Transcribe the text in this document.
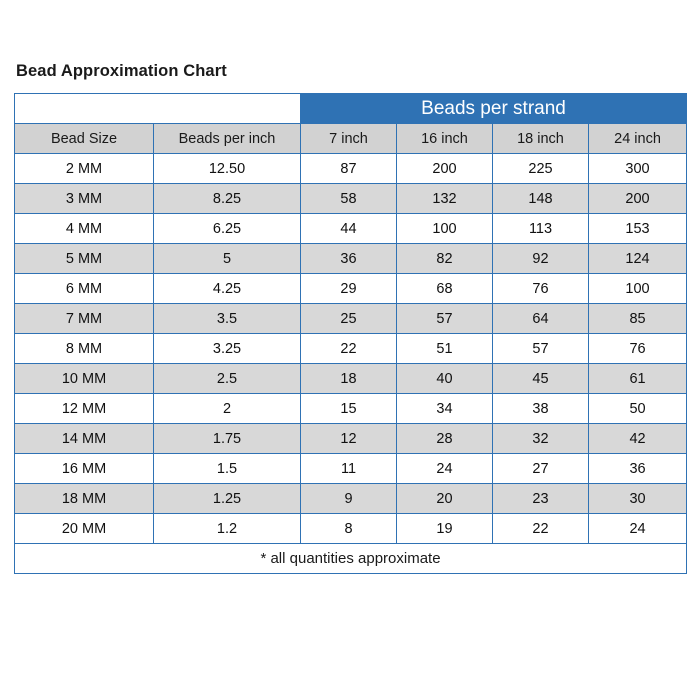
Bead Approximation Chart
		Beads per strand			
Bead Size	Beads per inch	7 inch	16 inch	18 inch	24 inch
2 MM	12.50	87	200	225	300
3 MM	8.25	58	132	148	200
4 MM	6.25	44	100	113	153
5 MM	5	36	82	92	124
6 MM	4.25	29	68	76	100
7 MM	3.5	25	57	64	85
8 MM	3.25	22	51	57	76
10 MM	2.5	18	40	45	61
12 MM	2	15	34	38	50
14 MM	1.75	12	28	32	42
16 MM	1.5	11	24	27	36
18 MM	1.25	9	20	23	30
20 MM	1.2	8	19	22	24
* all quantities approximate					
